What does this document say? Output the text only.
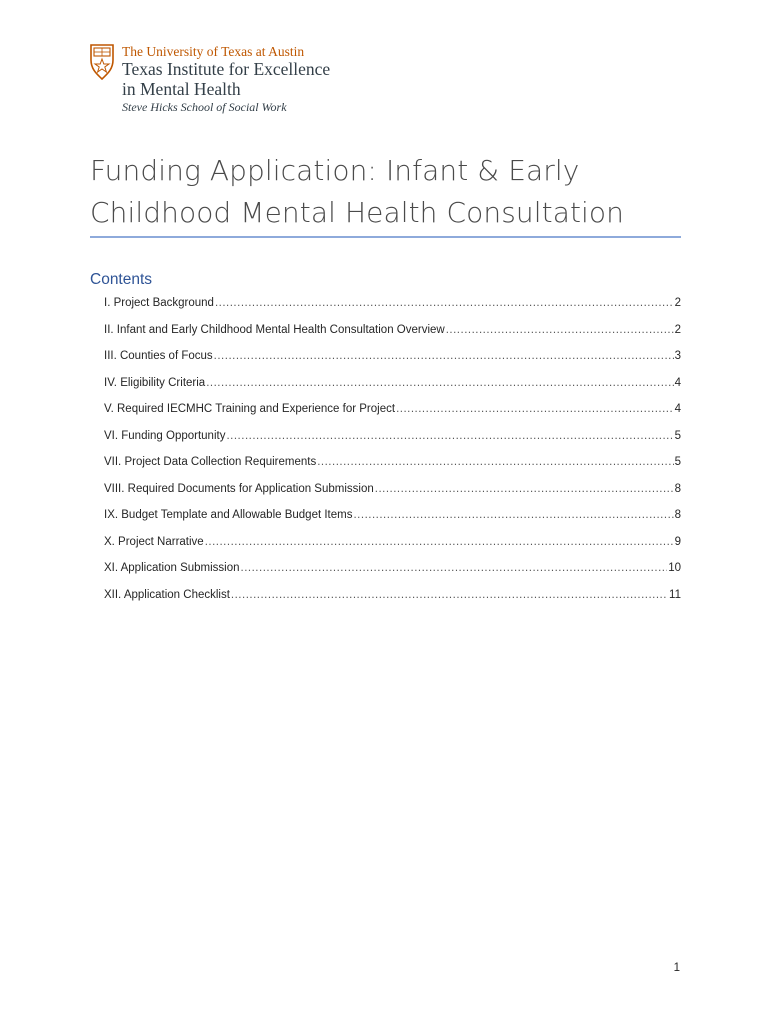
The University of Texas at Austin
Texas Institute for Excellence
in Mental Health
Steve Hicks School of Social Work
Funding Application: Infant & Early
Childhood Mental Health Consultation
Contents
I. Project Background .....	2
II. Infant and Early Childhood Mental Health Consultation Overview .....	2
III. Counties of Focus .....	3
IV. Eligibility Criteria .....	4
V. Required IECMHC Training and Experience for Project .....	4
VI. Funding Opportunity .....	5
VII. Project Data Collection Requirements .....	5
VIII. Required Documents for Application Submission .....	8
IX. Budget Template and Allowable Budget Items .....	8
X. Project Narrative .....	9
XI. Application Submission .....	10
XII. Application Checklist .....	11
1
